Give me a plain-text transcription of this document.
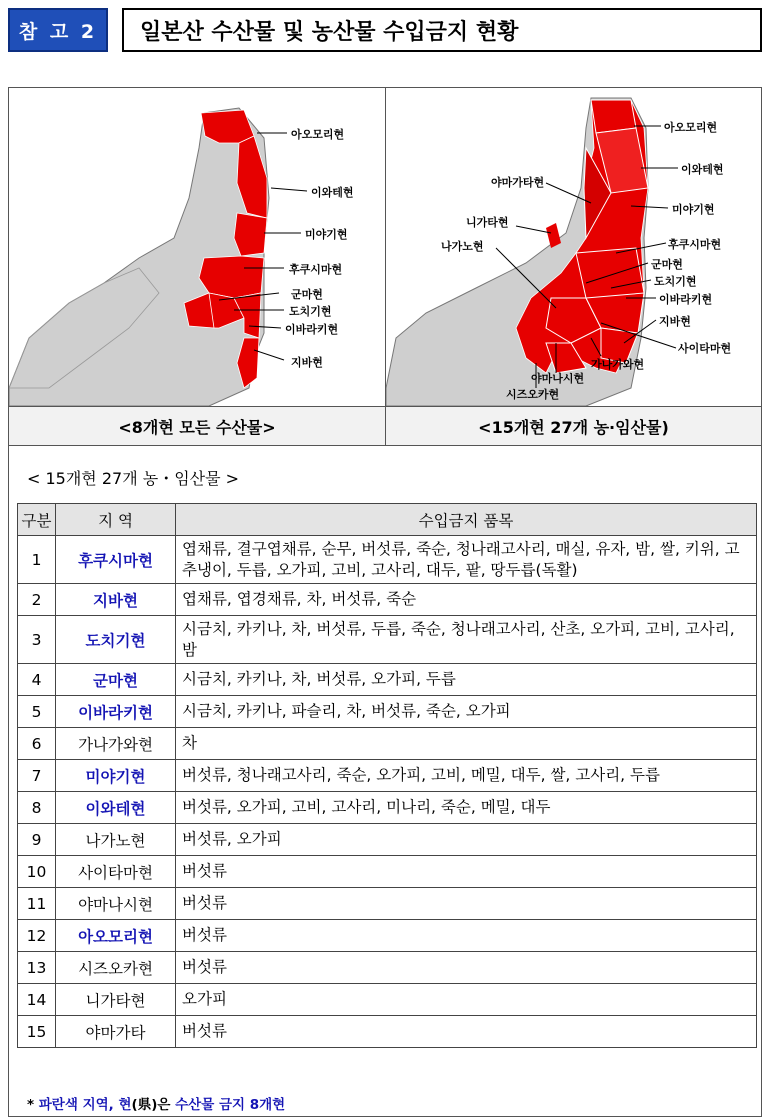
참 고 2	일본산 수산물 및 농산물 수입금지 현황
아오모리현
이와테현
미야기현
후쿠시마현
군마현
도치기현
이바라키현
지바현
아오모리현
야마가타현
이와테현
미야기현
니가타현
나가노현	후쿠시마현
군마현
도치기현
이바라키현
지바현
사이타마현
가나가와현
야마나시현
시즈오카현
<8개현 모든 수산물>	<15개현 27개 농·임산물)
< 15개현 27개 농・임산물 >
구분	지 역	수입금지 품목
1	후쿠시마현	엽채류, 결구엽채류, 순무, 버섯류, 죽순, 청나래고사리, 매실, 유자, 밤, 쌀, 키위, 고추냉이, 두릅, 오가피, 고비, 고사리, 대두, 팥, 땅두릅(독활)
2	지바현	엽채류, 엽경채류, 차, 버섯류, 죽순
3	도치기현	시금치, 카키나, 차, 버섯류, 두릅, 죽순, 청나래고사리, 산초, 오가피, 고비, 고사리, 밤
4	군마현	시금치, 카키나, 차, 버섯류, 오가피, 두릅
5	이바라키현	시금치, 카키나, 파슬리, 차, 버섯류, 죽순, 오가피
6	가나가와현	차
7	미야기현	버섯류, 청나래고사리, 죽순, 오가피, 고비, 메밀, 대두, 쌀, 고사리, 두릅
8	이와테현	버섯류, 오가피, 고비, 고사리, 미나리, 죽순, 메밀, 대두
9	나가노현	버섯류, 오가피
10	사이타마현	버섯류
11	야마나시현	버섯류
12	아오모리현	버섯류
13	시즈오카현	버섯류
14	니가타현	오가피
15	야마가타	버섯류
* 파란색 지역, 현(県)은 수산물 금지 8개현
